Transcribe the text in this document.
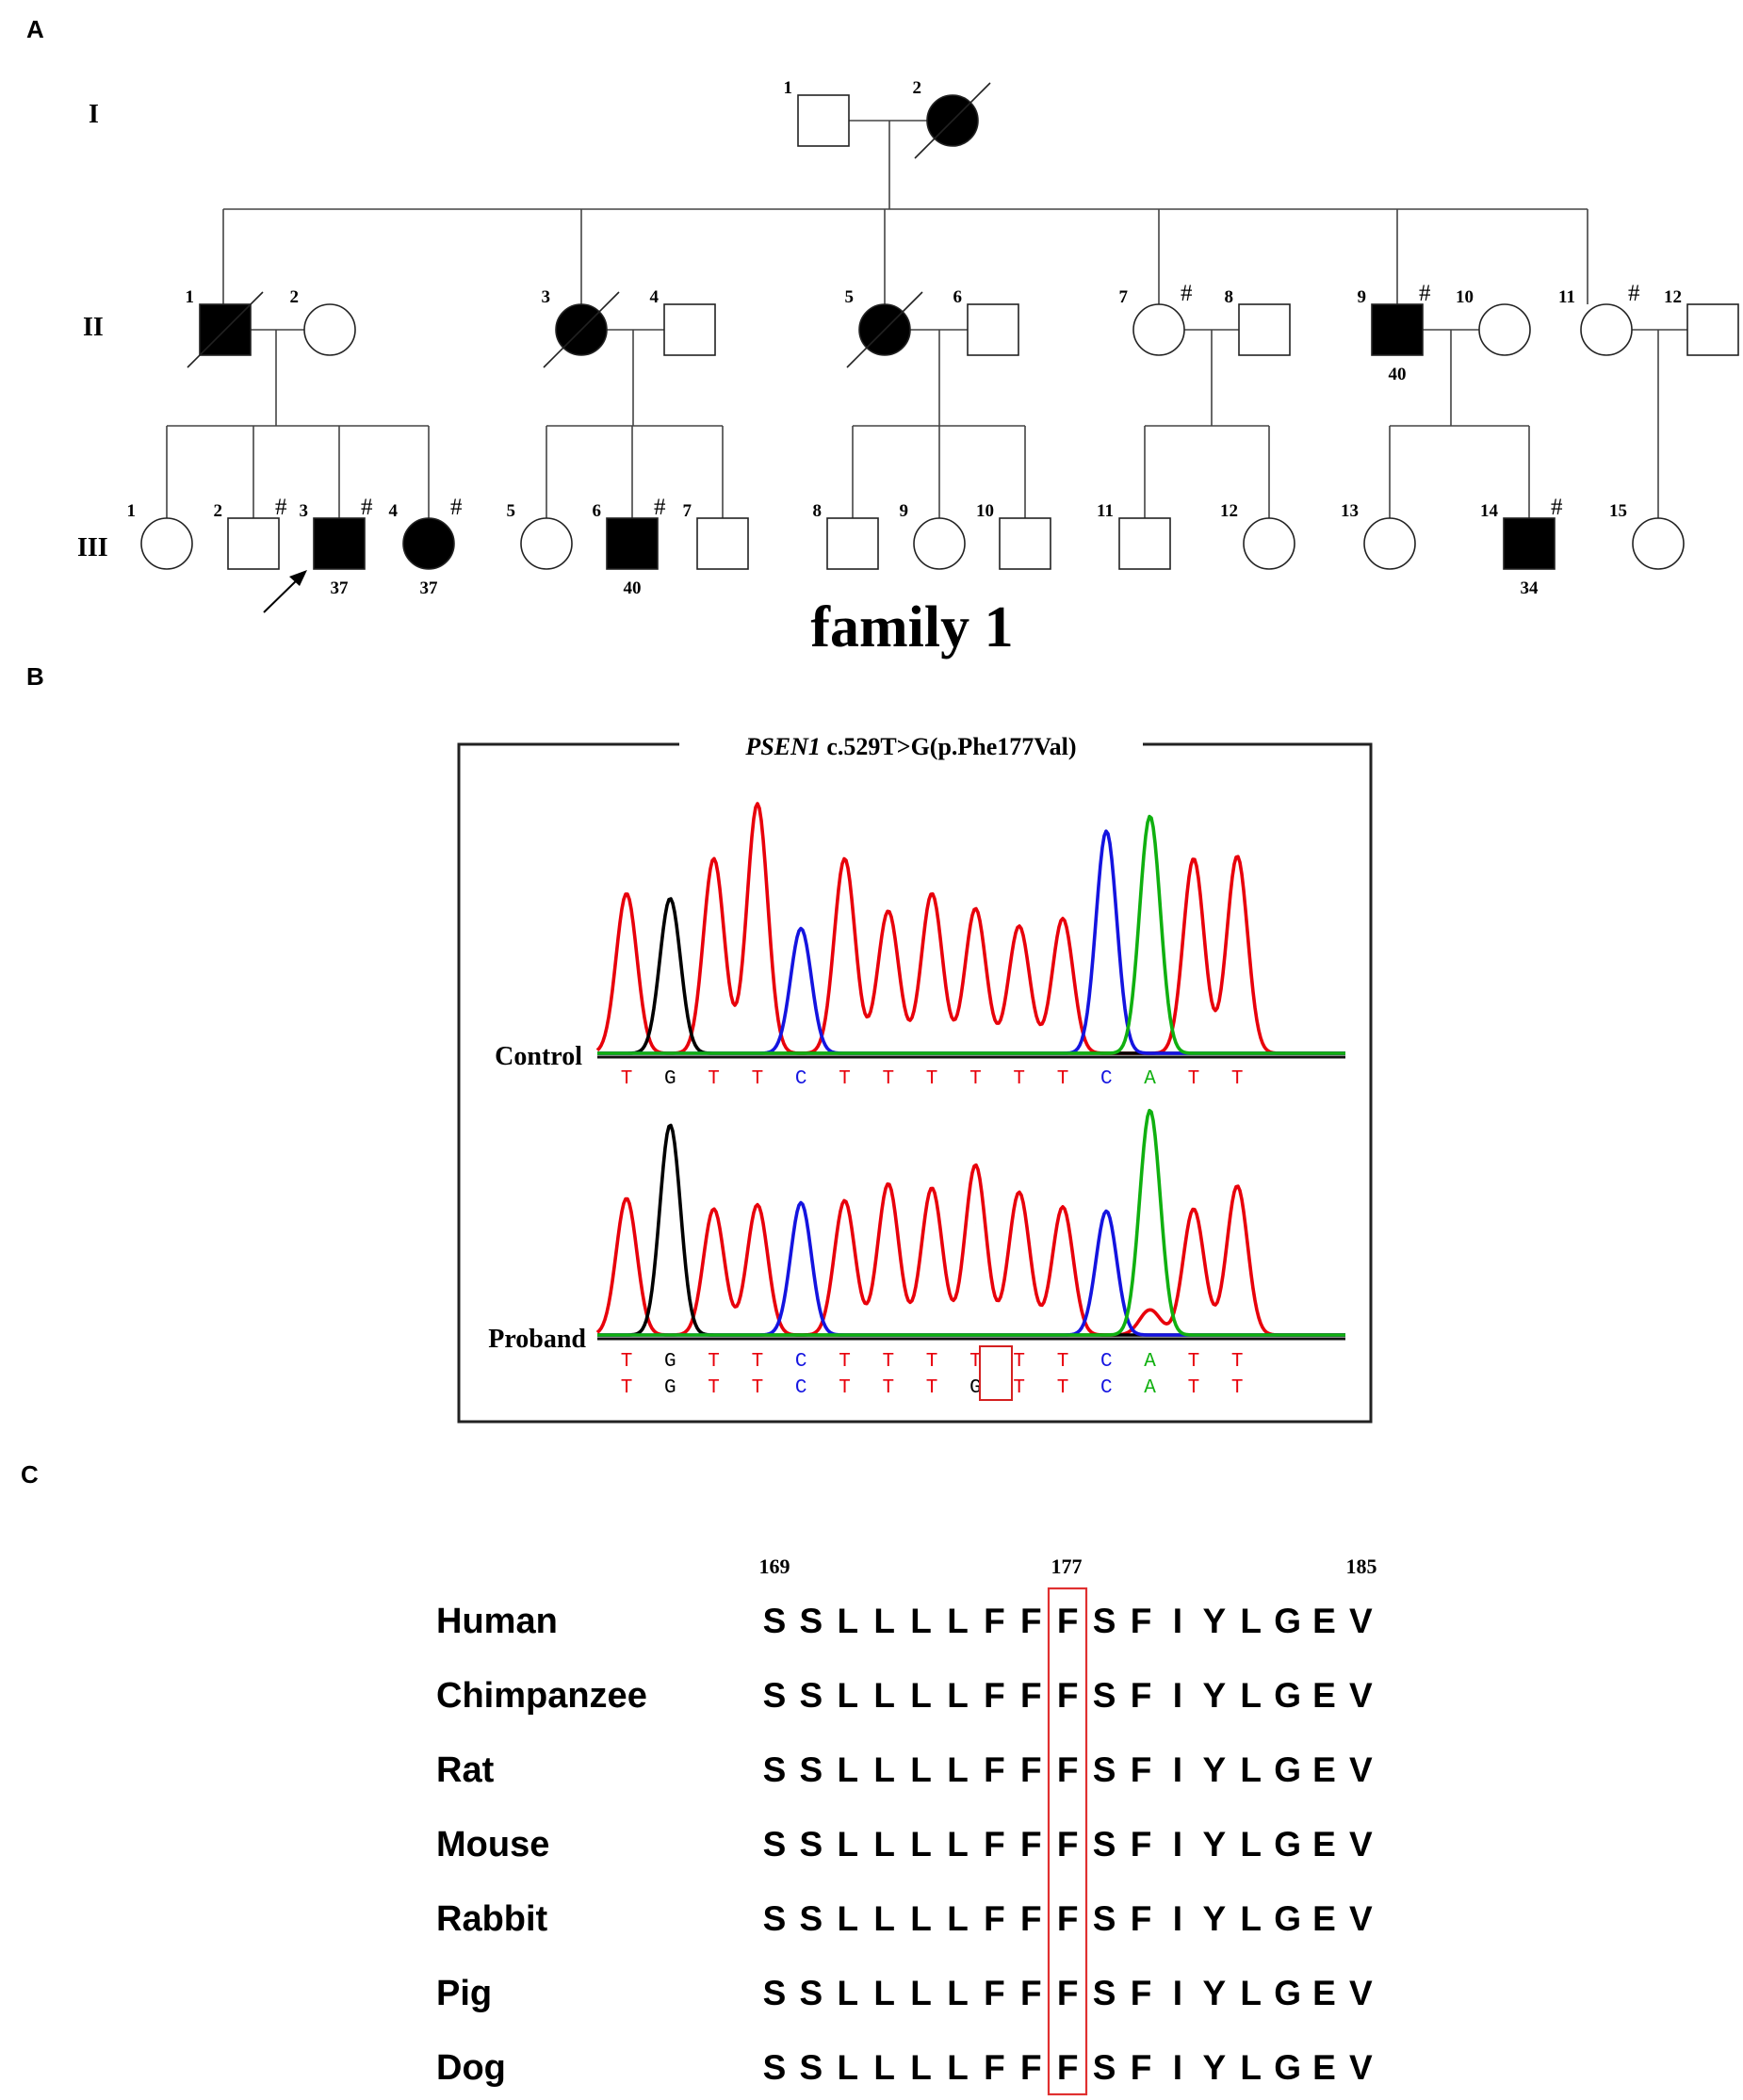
A
I
II
III
1	2
1	2	3	4	5	6	7 # 8	9 #
40
10	11 # 12
1	2 # 3 #
37
4 #
37
5	6 #
40
7	8	9	10	11	12	13	14 #
34
15
family 1
B
PSEN1 c.529T>G(p.Phe177Val)
Control
Proband
T G T T C T T T T T T C A T T
T G T T C T T T T T T C A T T
T G T T C T T T G T T C A T T
C
169	177	185
Human	S S L L L L F F F S F I Y L G E V
Chimpanzee	S S L L L L F F F S F I Y L G E V
Rat	S S L L L L F F F S F I Y L G E V
Mouse	S S L L L L F F F S F I Y L G E V
Rabbit	S S L L L L F F F S F I Y L G E V
Pig	S S L L L L F F F S F I Y L G E V
Dog	S S L L L L F F F S F I Y L G E V
